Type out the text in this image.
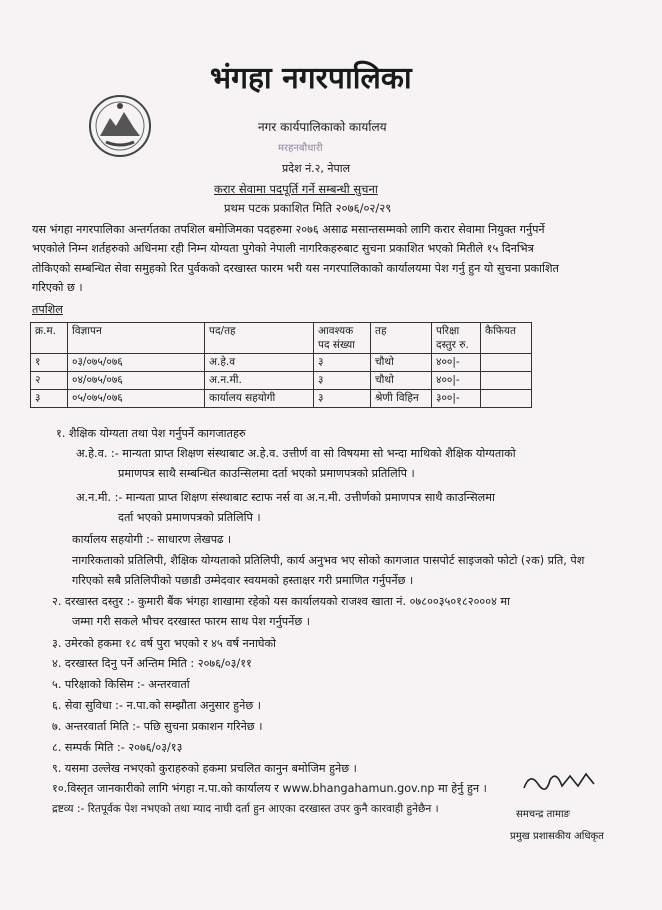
भंगहा नगरपालिका
नगर कार्यपालिकाको कार्यालय
मरहनबौधारी
प्रदेश नं.२, नेपाल
करार सेवामा पदपूर्ति गर्ने सम्बन्धी सुचना
प्रथम पटक प्रकाशित मिति २०७६/०२/२९
यस भंगहा नगरपालिका अन्तर्गतका तपशिल बमोजिमका पदहरुमा २०७६ असाढ मसान्तसम्मको लागि करार सेवामा नियुक्त गर्नुपर्ने
भएकोले निम्न शर्तहरुको अधिनमा रही निम्न योग्यता पुगेको नेपाली नागरिकहरुबाट सुचना प्रकाशित भएको मितीले १५ दिनभित्र
तोकिएको सम्बन्धित सेवा समुहको रित पुर्वकको दरखास्त फारम भरी यस नगरपालिकाको कार्यालयमा पेश गर्नु हुन यो सुचना प्रकाशित
गरिएको छ ।
तपशिल
क्र.म.	विज्ञापन	पद/तह	आवश्यक पद संख्या	तह	परिक्षा दस्तुर रु.	कैफियत
१	०३/०७५/०७६	अ.हे.व	३	चौथो	४००|-	
२	०४/०७५/०७६	अ.न.मी.	३	चौथो	४००|-	
३	०५/०७५/०७६	कार्यालय सहयोगी	३	श्रेणी विहिन	३००|-	
१. शैक्षिक योग्यता तथा पेश गर्नुपर्ने कागजातहरु
अ.हे.व. :- मान्यता प्राप्त शिक्षण संस्थाबाट अ.हे.व. उत्तीर्ण वा सो विषयमा सो भन्दा माथिको शैक्षिक योग्यताको
प्रमाणपत्र साथै सम्बन्धित काउन्सिलमा दर्ता भएको प्रमाणपत्रको प्रतिलिपि ।
अ.न.मी. :- मान्यता प्राप्त शिक्षण संस्थाबाट स्टाफ नर्स वा अ.न.मी. उत्तीर्णको प्रमाणपत्र साथै काउन्सिलमा
दर्ता भएको प्रमाणपत्रको प्रतिलिपि ।
कार्यालय सहयोगी :- साधारण लेखपढ ।
नागरिकताको प्रतिलिपी, शैक्षिक योग्यताको प्रतिलिपी, कार्य अनुभव भए सोको कागजात पासपोर्ट साइजको फोटो (२क) प्रति, पेश
गरिएको सबै प्रतिलिपीको पछाडी उम्मेदवार स्वयमको हस्ताक्षर गरी प्रमाणित गर्नुपर्नेछ ।
२. दरखास्त दस्तुर :- कुमारी बैंक भंगहा शाखामा रहेको यस कार्यालयको राजश्व खाता नं. ०७८००३५०१८२०००४ मा
जम्मा गरी सकले भौचर दरखास्त फारम साथ पेश गर्नुपर्नेछ ।
३. उमेरको हकमा १८ वर्ष पुरा भएको र ४५ वर्ष ननाघेको
४. दरखास्त दिनु पर्ने अन्तिम मिति : २०७६/०३/११
५. परिक्षाको किसिम :- अन्तरवार्ता
६. सेवा सुविधा :- न.पा.को सम्झौता अनुसार हुनेछ ।
७. अन्तरवार्ता मिति :- पछि सुचना प्रकाशन गरिनेछ ।
८. सम्पर्क मिति :- २०७६/०३/१३
९. यसमा उल्लेख नभएको कुराहरुको हकमा प्रचलित कानुन बमोजिम हुनेछ ।
१०.विस्तृत जानकारीको लागि भंगहा न.पा.को कार्यालय र www.bhangahamun.gov.np मा हेर्नु हुन ।
द्रष्टव्य :- रितपूर्वक पेश नभएको तथा म्याद नाघी दर्ता हुन आएका दरखास्त उपर कुनै कारवाही हुनेछैन ।	समचन्द्र तामाङ
प्रमुख प्रशासकीय अधिकृत
